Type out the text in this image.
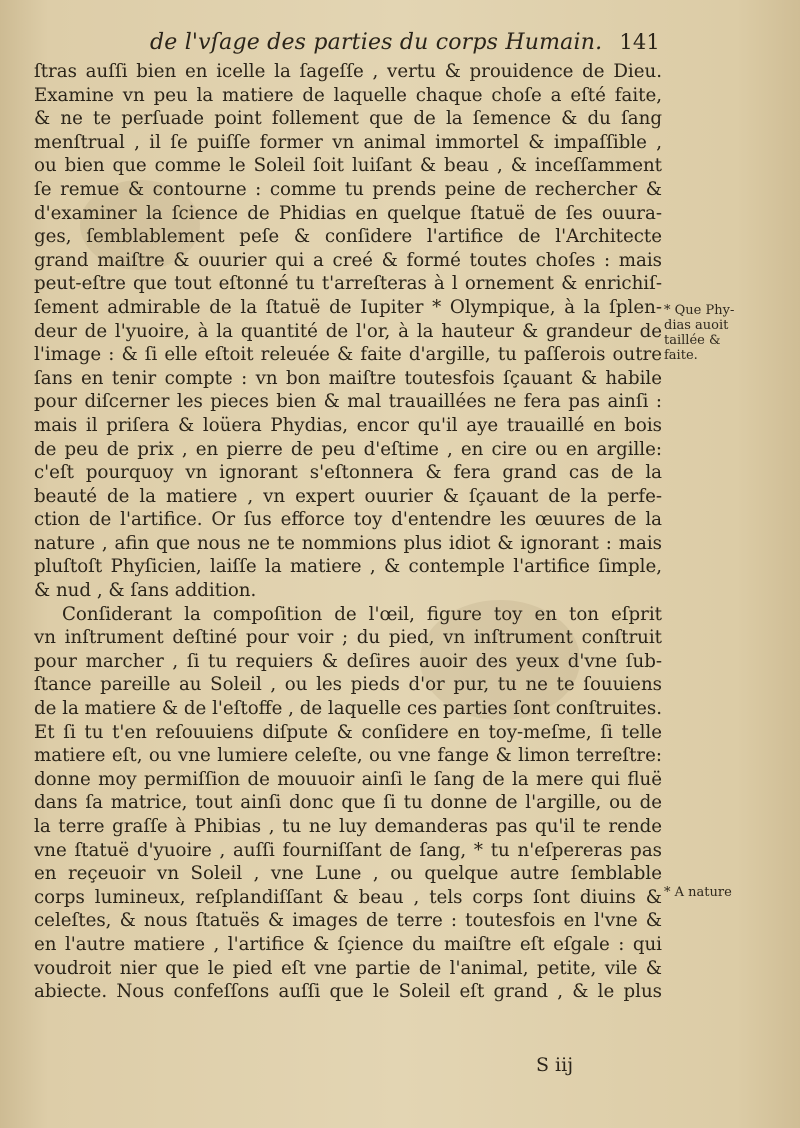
de l'vſage des parties du corps Humain. 141
ſtras auſſi bien en icelle la ſageſſe , vertu & prouidence de Dieu.
Examine vn peu la matiere de laquelle chaque choſe a eſté faite,
& ne te perſuade point follement que de la ſemence & du ſang
menſtrual , il ſe puiſſe former vn animal immortel & impaſſible ,
ou bien que comme le Soleil ſoit luiſant & beau , & inceſſamment
ſe remue & contourne : comme tu prends peine de rechercher &
d'examiner la ſcience de Phidias en quelque ſtatuë de ſes ouura-
ges, ſemblablement peſe & conſidere l'artifice de l'Architecte
grand maiſtre & ouurier qui a creé & formé toutes choſes : mais
peut-eſtre que tout eſtonné tu t'arreſteras à l ornement & enrichiſ-
ſement admirable de la ſtatuë de Iupiter * Olympique, à la ſplen-
deur de l'yuoire, à la quantité de l'or, à la hauteur & grandeur de
l'image : & ſi elle eſtoit releuée & faite d'argille, tu paſſerois outre
ſans en tenir compte : vn bon maiſtre toutesfois ſçauant & habile
pour diſcerner les pieces bien & mal trauaillées ne fera pas ainſi :
mais il priſera & loüera Phydias, encor qu'il aye trauaillé en bois
de peu de prix , en pierre de peu d'eſtime , en cire ou en argille:
c'eſt pourquoy vn ignorant s'eſtonnera & fera grand cas de la
beauté de la matiere , vn expert ouurier & ſçauant de la perfe-
ction de l'artifice. Or ſus efforce toy d'entendre les œuures de la
nature , afin que nous ne te nommions plus idiot & ignorant : mais
pluſtoſt Phyſicien, laiſſe la matiere , & contemple l'artifice ſimple,
& nud , & ſans addition.
Conſiderant la compoſition de l'œil, figure toy en ton eſprit
vn inſtrument deſtiné pour voir ; du pied, vn inſtrument conſtruit
pour marcher , ſi tu requiers & deſires auoir des yeux d'vne ſub-
ſtance pareille au Soleil , ou les pieds d'or pur, tu ne te ſouuiens
de la matiere & de l'eſtoffe , de laquelle ces parties ſont conſtruites.
Et ſi tu t'en reſouuiens diſpute & conſidere en toy-meſme, ſi telle
matiere eſt, ou vne lumiere celeſte, ou vne fange & limon terreſtre:
donne moy permiſſion de mouuoir ainſi le ſang de la mere qui fluë
dans ſa matrice, tout ainſi donc que ſi tu donne de l'argille, ou de
la terre graſſe à Phibias , tu ne luy demanderas pas qu'il te rende
vne ſtatuë d'yuoire , auſſi fourniſſant de ſang, * tu n'eſpereras pas
en reçeuoir vn Soleil , vne Lune , ou quelque autre ſemblable
corps lumineux, reſplandiſſant & beau , tels corps ſont diuins &
celeſtes, & nous ſtatuës & images de terre : toutesfois en l'vne &
en l'autre matiere , l'artifice & ſçience du maiſtre eſt eſgale : qui
voudroit nier que le pied eſt vne partie de l'animal, petite, vile &
abiecte. Nous confeſſons auſſi que le Soleil eſt grand , & le plus
* Que Phy-
dias auoit
taillée &
faite.
* A nature
S iij
